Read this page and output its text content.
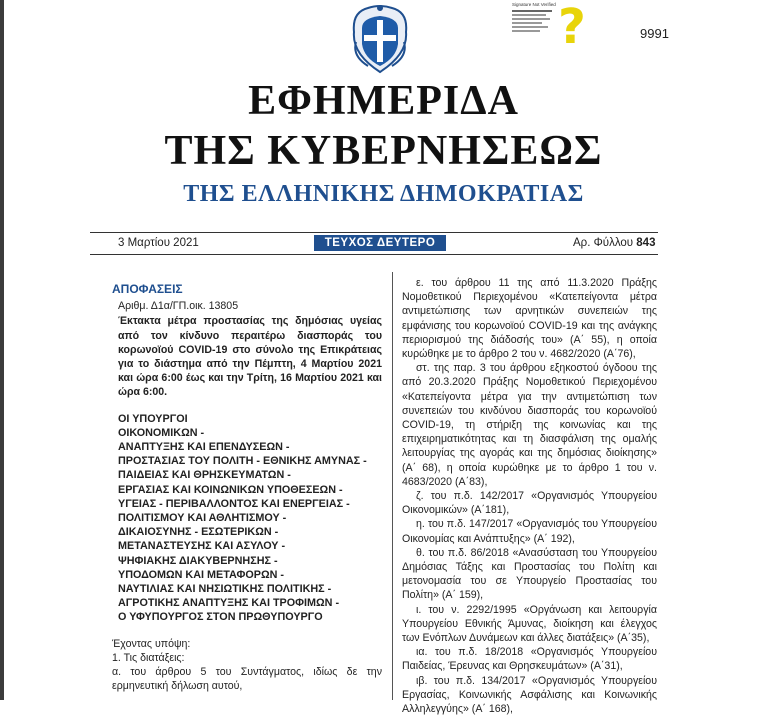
Signature Not Verified ?	9991
ΕΦΗΜΕΡΙΔΑ
ΤΗΣ ΚΥΒΕΡΝΗΣΕΩΣ
ΤΗΣ ΕΛΛΗΝΙΚΗΣ ΔΗΜΟΚΡΑΤΙΑΣ
3 Μαρτίου 2021	ΤΕΥΧΟΣ ΔΕΥΤΕΡΟ	Αρ. Φύλλου 843
ΑΠΟΦΑΣΕΙΣ
Αριθμ. Δ1α/ΓΠ.οικ. 13805
Έκτακτα μέτρα προστασίας της δημόσιας υγείας από τον κίνδυνο περαιτέρω διασποράς του κορωνοϊού COVID-19 στο σύνολο της Επικράτειας για το διάστημα από την Πέμπτη, 4 Μαρτίου 2021 και ώρα 6:00 έως και την Τρίτη, 16 Μαρτίου 2021 και ώρα 6:00.
ΟΙ ΥΠΟΥΡΓΟΙ
ΟΙΚΟΝΟΜΙΚΩΝ -
ΑΝΑΠΤΥΞΗΣ ΚΑΙ ΕΠΕΝΔΥΣΕΩΝ -
ΠΡΟΣΤΑΣΙΑΣ ΤΟΥ ΠΟΛΙΤΗ - ΕΘΝΙΚΗΣ ΑΜΥΝΑΣ -
ΠΑΙΔΕΙΑΣ ΚΑΙ ΘΡΗΣΚΕΥΜΑΤΩΝ -
ΕΡΓΑΣΙΑΣ ΚΑΙ ΚΟΙΝΩΝΙΚΩΝ ΥΠΟΘΕΣΕΩΝ -
ΥΓΕΙΑΣ - ΠΕΡΙΒΑΛΛΟΝΤΟΣ ΚΑΙ ΕΝΕΡΓΕΙΑΣ -
ΠΟΛΙΤΙΣΜΟΥ ΚΑΙ ΑΘΛΗΤΙΣΜΟΥ -
ΔΙΚΑΙΟΣΥΝΗΣ - ΕΣΩΤΕΡΙΚΩΝ -
ΜΕΤΑΝΑΣΤΕΥΣΗΣ ΚΑΙ ΑΣΥΛΟΥ -
ΨΗΦΙΑΚΗΣ ΔΙΑΚΥΒΕΡΝΗΣΗΣ -
ΥΠΟΔΟΜΩΝ ΚΑΙ ΜΕΤΑΦΟΡΩΝ -
ΝΑΥΤΙΛΙΑΣ ΚΑΙ ΝΗΣΙΩΤΙΚΗΣ ΠΟΛΙΤΙΚΗΣ -
ΑΓΡΟΤΙΚΗΣ ΑΝΑΠΤΥΞΗΣ ΚΑΙ ΤΡΟΦΙΜΩΝ -
Ο ΥΦΥΠΟΥΡΓΟΣ ΣΤΟΝ ΠΡΩΘΥΠΟΥΡΓΟ
Έχοντας υπόψη:
1. Τις διατάξεις:
α. του άρθρου 5 του Συντάγματος, ιδίως δε την ερμηνευτική δήλωση αυτού,

ε. του άρθρου 11 της από 11.3.2020 Πράξης Νομοθετικού Περιεχομένου «Κατεπείγοντα μέτρα αντιμετώπισης των αρνητικών συνεπειών της εμφάνισης του κορωνοϊού COVID-19 και της ανάγκης περιορισμού της διάδοσής του» (Α΄ 55), η οποία κυρώθηκε με το άρθρο 2 του ν. 4682/2020 (Α΄76),

στ. της παρ. 3 του άρθρου εξηκοστού όγδοου της από 20.3.2020 Πράξης Νομοθετικού Περιεχομένου «Κατεπείγοντα μέτρα για την αντιμετώπιση των συνεπειών του κινδύνου διασποράς του κορωνοϊού COVID-19, τη στήριξη της κοινωνίας και της επιχειρηματικότητας και τη διασφάλιση της ομαλής λειτουργίας της αγοράς και της δημόσιας διοίκησης» (Α΄ 68), η οποία κυρώθηκε με το άρθρο 1 του ν. 4683/2020 (Α΄83),

ζ. του π.δ. 142/2017 «Οργανισμός Υπουργείου Οικονομικών» (Α΄181),

η. του π.δ. 147/2017 «Οργανισμός του Υπουργείου Οικονομίας και Ανάπτυξης» (Α΄ 192),

θ. του π.δ. 86/2018 «Ανασύσταση του Υπουργείου Δημόσιας Τάξης και Προστασίας του Πολίτη και μετονομασία του σε Υπουργείο Προστασίας του Πολίτη» (Α΄ 159),

ι. του ν. 2292/1995 «Οργάνωση και λειτουργία Υπουργείου Εθνικής Άμυνας, διοίκηση και έλεγχος των Ενόπλων Δυνάμεων και άλλες διατάξεις» (Α΄35),

ια. του π.δ. 18/2018 «Οργανισμός Υπουργείου Παιδείας, Έρευνας και Θρησκευμάτων» (Α΄31),

ιβ. του π.δ. 134/2017 «Οργανισμός Υπουργείου Εργασίας, Κοινωνικής Ασφάλισης και Κοινωνικής Αλληλεγγύης» (Α΄ 168),
